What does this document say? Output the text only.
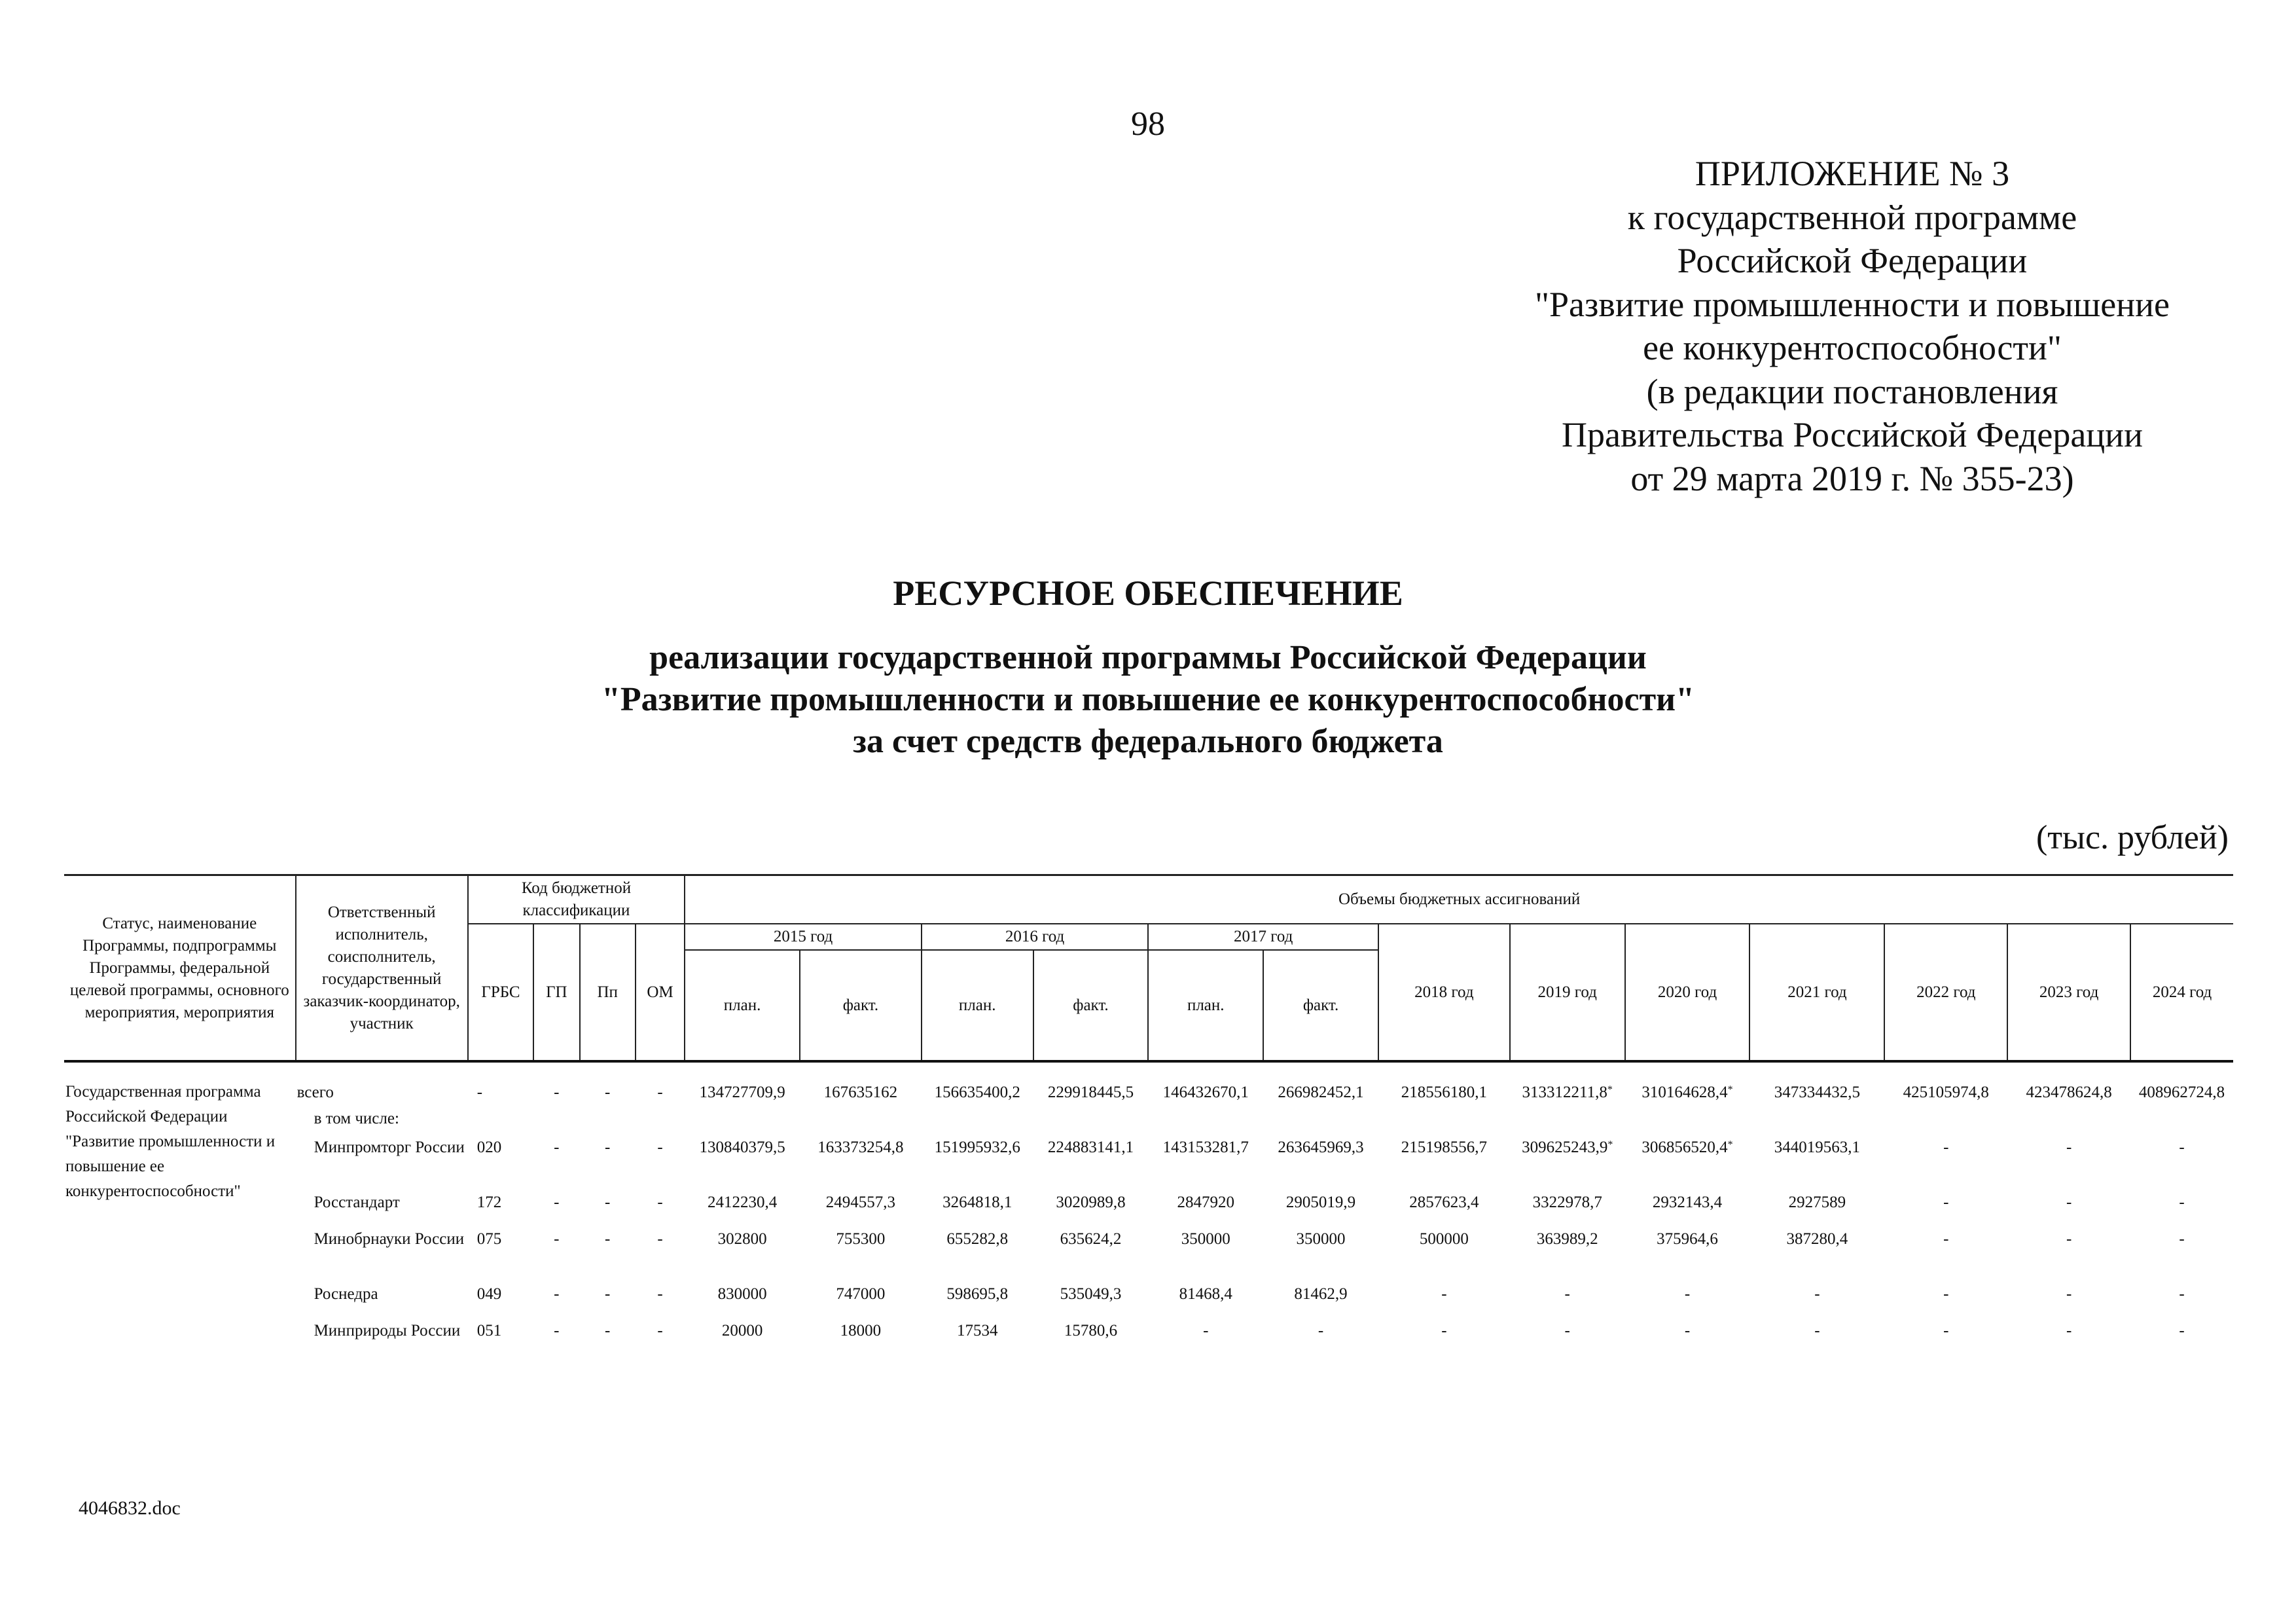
98
ПРИЛОЖЕНИЕ № 3
к государственной программе
Российской Федерации
"Развитие промышленности и повышение
ее конкурентоспособности"
(в редакции постановления
Правительства Российской Федерации
от 29 марта 2019 г. № 355-23)
РЕСУРСНОЕ ОБЕСПЕЧЕНИЕ
реализации государственной программы Российской Федерации
"Развитие промышленности и повышение ее конкурентоспособности"
за счет средств федерального бюджета
(тыс. рублей)
Статус, наименование Программы, подпрограммы Программы, федеральной целевой программы, основного мероприятия, мероприятия	Ответственный исполнитель, соисполнитель, государственный заказчик-координатор, участник	Код бюджетной классификации				Объемы бюджетных ассигнований												
		ГРБС	ГП	Пп	ОМ	2015 год		2016 год		2017 год		2018 год	2019 год	2020 год	2021 год	2022 год	2023 год	2024 год
						план.	факт.	план.	факт.	план.	факт.							

Государственная программа Российской Федерации "Развитие промышленности и повышение ее конкурентоспособности"	всего	-	-	-	-	134727709,9	167635162	156635400,2	229918445,5	146432670,1	266982452,1	218556180,1	313312211,8*	310164628,4*	347334432,5	425105974,8	423478624,8	408962724,8
	в том числе:																	
	Минпромторг России	020	-	-	-	130840379,5	163373254,8	151995932,6	224883141,1	143153281,7	263645969,3	215198556,7	309625243,9*	306856520,4*	344019563,1	-	-	-
	Росстандарт	172	-	-	-	2412230,4	2494557,3	3264818,1	3020989,8	2847920	2905019,9	2857623,4	3322978,7	2932143,4	2927589	-	-	-
	Минобрнауки России	075	-	-	-	302800	755300	655282,8	635624,2	350000	350000	500000	363989,2	375964,6	387280,4	-	-	-
	Роснедра	049	-	-	-	830000	747000	598695,8	535049,3	81468,4	81462,9	-	-	-	-	-	-	-
	Минприроды России	051	-	-	-	20000	18000	17534	15780,6	-	-	-	-	-	-	-	-	-
4046832.doc
